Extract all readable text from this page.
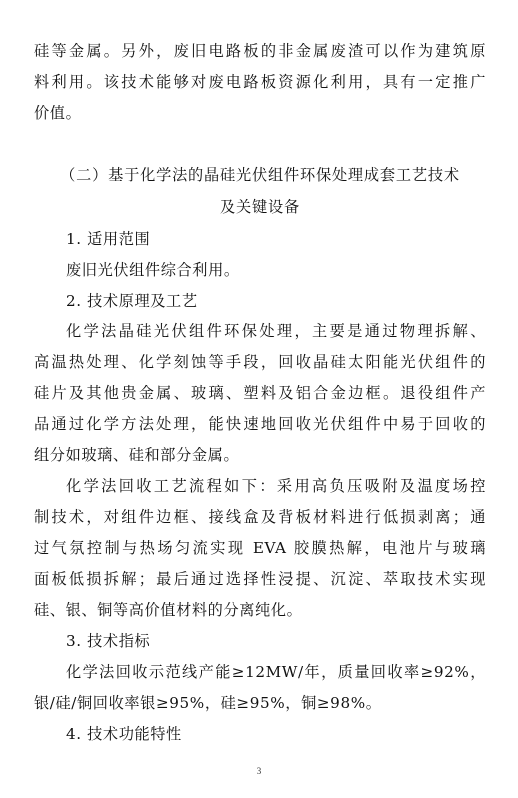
硅等金属。另外，废旧电路板的非金属废渣可以作为建筑原
料利用。该技术能够对废电路板资源化利用，具有一定推广
价值。
（二）基于化学法的晶硅光伏组件环保处理成套工艺技术
及关键设备
1. 适用范围
废旧光伏组件综合利用。
2. 技术原理及工艺
化学法晶硅光伏组件环保处理，主要是通过物理拆解、
高温热处理、化学刻蚀等手段，回收晶硅太阳能光伏组件的
硅片及其他贵金属、玻璃、塑料及铝合金边框。退役组件产
品通过化学方法处理，能快速地回收光伏组件中易于回收的
组分如玻璃、硅和部分金属。
化学法回收工艺流程如下：采用高负压吸附及温度场控
制技术，对组件边框、接线盒及背板材料进行低损剥离；通
过气氛控制与热场匀流实现 EVA 胶膜热解，电池片与玻璃
面板低损拆解；最后通过选择性浸提、沉淀、萃取技术实现
硅、银、铜等高价值材料的分离纯化。
3. 技术指标
化学法回收示范线产能≥12MW/年，质量回收率≥92%，
银/硅/铜回收率银≥95%，硅≥95%，铜≥98%。
4. 技术功能特性
3
